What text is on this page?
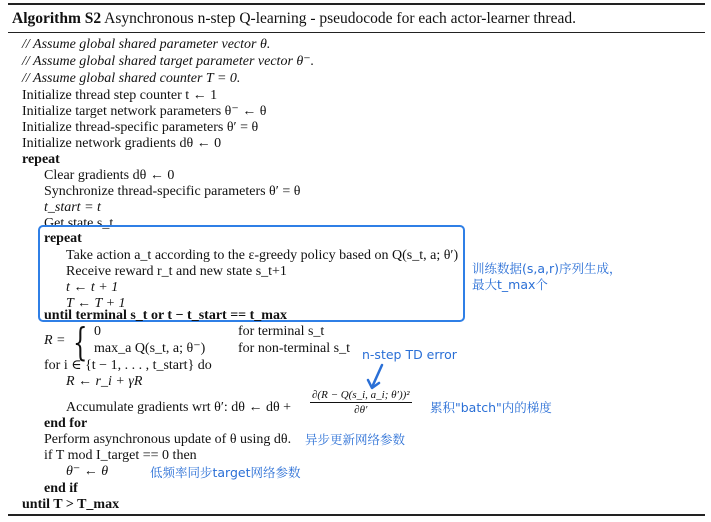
Algorithm S2 Asynchronous n-step Q-learning - pseudocode for each actor-learner thread.
// Assume global shared parameter vector θ.
// Assume global shared target parameter vector θ⁻.
// Assume global shared counter T = 0.
Initialize thread step counter t ← 1
Initialize target network parameters θ⁻ ← θ
Initialize thread-specific parameters θ′ = θ
Initialize network gradients dθ ← 0
repeat
Clear gradients dθ ← 0
Synchronize thread-specific parameters θ′ = θ
t_start = t
Get state s_t
repeat
Take action a_t according to the ε-greedy policy based on Q(s_t, a; θ′)
Receive reward r_t and new state s_t+1
t ← t + 1
T ← T + 1
until terminal s_t or t − t_start == t_max
R = { 0	for terminal s_t
max_a Q(s_t, a; θ⁻) for non-terminal s_t
for i ∈ {t − 1, . . . , t_start} do
R ← r_i + γR
Accumulate gradients wrt θ′: dθ ← $d\theta + \frac{\text{∂(R − Q(s\_i, a\_i; θ′))²}}{\partial\theta'}$
end for
Perform asynchronous update of θ using dθ.
if T mod I_target == 0 then
θ⁻ ← θ
end if
until T > T_max
训练数据(s,a,r)序列生成，
最大t_max个
n-step TD error
累积"batch"内的梯度
异步更新网络参数
低频率同步target网络参数
